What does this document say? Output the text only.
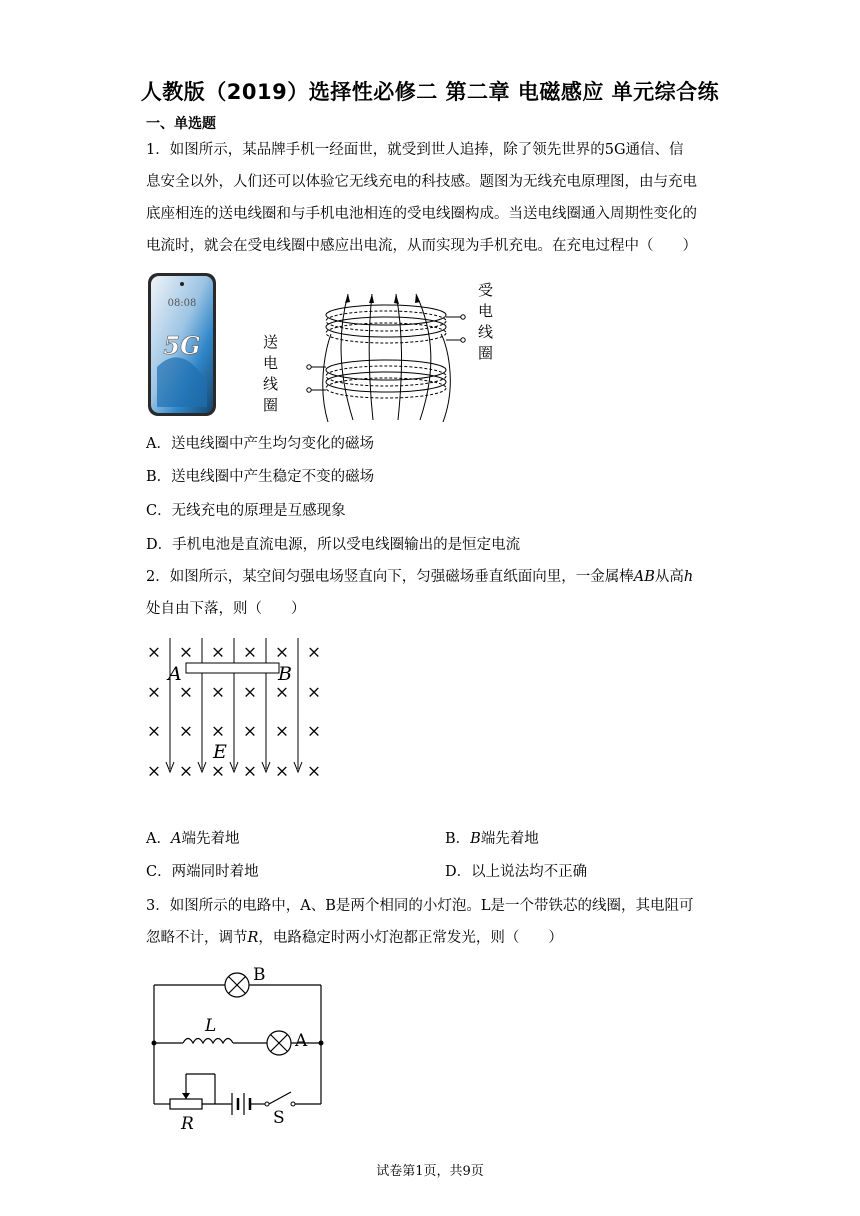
人教版（2019）选择性必修二 第二章 电磁感应 单元综合练
一、单选题
1．如图所示，某品牌手机一经面世，就受到世人追捧，除了领先世界的5G通信、信
息安全以外，人们还可以体验它无线充电的科技感。题图为无线充电原理图，由与充电
底座相连的送电线圈和与手机电池相连的受电线圈构成。当送电线圈通入周期性变化的
电流时，就会在受电线圈中感应出电流，从而实现为手机充电。在充电过程中（　　）
08:08
5G
受
电
线
圈
送
电
线
圈
A．送电线圈中产生均匀变化的磁场
B．送电线圈中产生稳定不变的磁场
C．无线充电的原理是互感现象
D．手机电池是直流电源，所以受电线圈输出的是恒定电流
2．如图所示，某空间匀强电场竖直向下，匀强磁场垂直纸面向里，一金属棒AB从高h
处自由下落，则（　　）
×
×
×
×
×
×
×
×
×
×
×
×
×
×
×
×
×
×
×
×
×
×
×
×
A	B
E
A．A端先着地	B．B端先着地
C．两端同时着地	D．以上说法均不正确
3．如图所示的电路中，A、B是两个相同的小灯泡。L是一个带铁芯的线圈，其电阻可
忽略不计，调节R，电路稳定时两小灯泡都正常发光，则（　　）
B
A
L
R	S
试卷第1页，共9页
